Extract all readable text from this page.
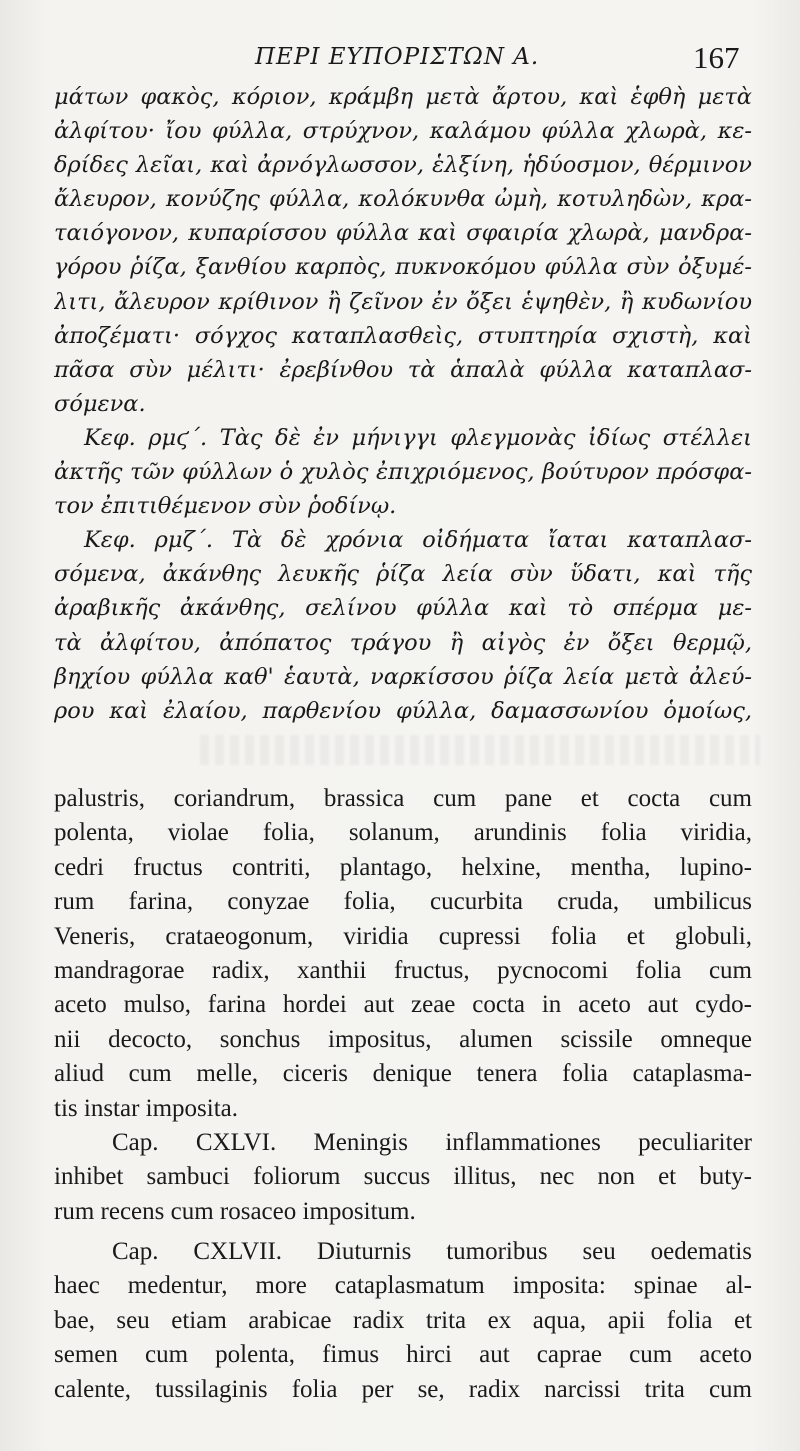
ΠΕΡΙ ΕΥΠΟΡΙΣΤΩΝ Α.	167
μάτων φακὸς, κόριον, κράμβη μετὰ ἄρτου, καὶ ἑφθὴ μετὰ
ἀλφίτου· ἴου φύλλα, στρύχνον, καλάμου φύλλα χλωρὰ, κε-
δρίδες λεῖαι, καὶ ἀρνόγλωσσον, ἑλξίνη, ἡδύοσμον, θέρμινον
ἄλευρον, κονύζης φύλλα, κολόκυνθα ὠμὴ, κοτυληδὼν, κρα-
ταιόγονον, κυπαρίσσου φύλλα καὶ σφαιρία χλωρὰ, μανδρα-
γόρου ῥίζα, ξανθίου καρπὸς, πυκνοκόμου φύλλα σὺν ὀξυμέ-
λιτι, ἄλευρον κρίθινον ἢ ζεῖνον ἐν ὄξει ἑψηθὲν, ἢ κυδωνίου
ἀποζέματι· σόγχος καταπλασθεὶς, στυπτηρία σχιστὴ, καὶ
πᾶσα σὺν μέλιτι· ἐρεβίνθου τὰ ἁπαλὰ φύλλα καταπλασ-
σόμενα.
Κεφ. ρμϛ΄. Τὰς δὲ ἐν μήνιγγι φλεγμονὰς ἰδίως στέλλει
ἀκτῆς τῶν φύλλων ὁ χυλὸς ἐπιχριόμενος, βούτυρον πρόσφα-
τον ἐπιτιθέμενον σὺν ῥοδίνῳ.
Κεφ. ρμζ΄. Τὰ δὲ χρόνια οἰδήματα ἴαται καταπλασ-
σόμενα, ἀκάνθης λευκῆς ῥίζα λεία σὺν ὕδατι, καὶ τῆς
ἀραβικῆς ἀκάνθης, σελίνου φύλλα καὶ τὸ σπέρμα με-
τὰ ἀλφίτου, ἀπόπατος τράγου ἢ αἰγὸς ἐν ὄξει θερμῷ,
βηχίου φύλλα καθ' ἑαυτὰ, ναρκίσσου ῥίζα λεία μετὰ ἀλεύ-
ρου καὶ ἐλαίου, παρθενίου φύλλα, δαμασσωνίου ὁμοίως,
palustris, coriandrum, brassica cum pane et cocta cum
polenta, violae folia, solanum, arundinis folia viridia,
cedri fructus contriti, plantago, helxine, mentha, lupino-
rum farina, conyzae folia, cucurbita cruda, umbilicus
Veneris, crataeogonum, viridia cupressi folia et globuli,
mandragorae radix, xanthii fructus, pycnocomi folia cum
aceto mulso, farina hordei aut zeae cocta in aceto aut cydo-
nii decocto, sonchus impositus, alumen scissile omneque
aliud cum melle, ciceris denique tenera folia cataplasma-
tis instar imposita.
Cap. CXLVI. Meningis inflammationes peculiariter
inhibet sambuci foliorum succus illitus, nec non et buty-
rum recens cum rosaceo impositum.
Cap. CXLVII. Diuturnis tumoribus seu oedematis
haec medentur, more cataplasmatum imposita: spinae al-
bae, seu etiam arabicae radix trita ex aqua, apii folia et
semen cum polenta, fimus hirci aut caprae cum aceto
calente, tussilaginis folia per se, radix narcissi trita cum
